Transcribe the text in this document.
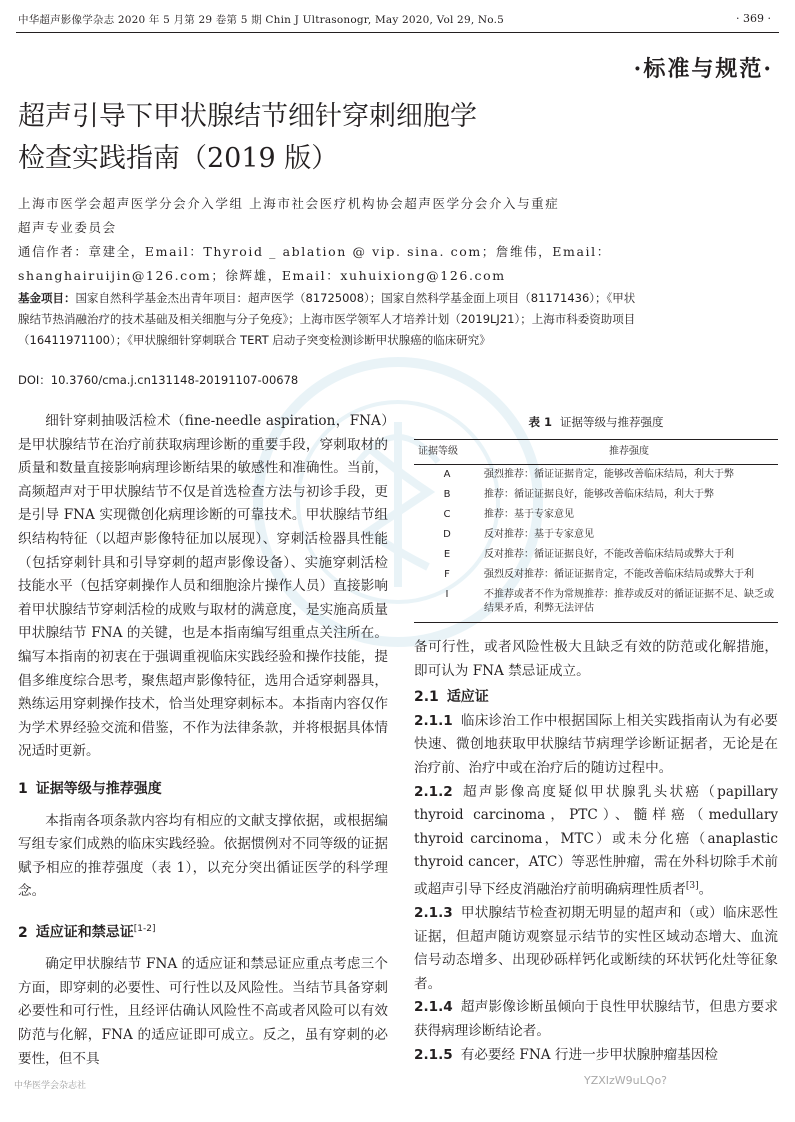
中华超声影像学杂志 2020 年 5 月第 29 卷第 5 期 Chin J Ultrasonogr, May 2020, Vol 29, No.5	· 369 ·
·标准与规范·
超声引导下甲状腺结节细针穿刺细胞学
检查实践指南（2019 版）
上海市医学会超声医学分会介入学组 上海市社会医疗机构协会超声医学分会介入与重症
超声专业委员会
通信作者：章建全，Email：Thyroid _ ablation @ vip. sina. com；詹维伟，Email：
shanghairuijin@126.com；徐辉雄，Email：xuhuixiong@126.com
基金项目：国家自然科学基金杰出青年项目：超声医学（81725008）；国家自然科学基金面上项目（81171436）；《甲状腺结节热消融治疗的技术基础及相关细胞与分子免疫》；上海市医学领军人才培养计划（2019LJ21）；上海市科委资助项目（16411971100）；《甲状腺细针穿刺联合 TERT 启动子突变检测诊断甲状腺癌的临床研究》
DOI：10.3760/cma.j.cn131148-20191107-00678

细针穿刺抽吸活检术（fine-needle aspiration，FNA）是甲状腺结节在治疗前获取病理诊断的重要手段，穿刺取材的质量和数量直接影响病理诊断结果的敏感性和准确性。当前，高频超声对于甲状腺结节不仅是首选检查方法与初诊手段，更是引导 FNA 实现微创化病理诊断的可靠技术。甲状腺结节组织结构特征（以超声影像特征加以展现）、穿刺活检器具性能（包括穿刺针具和引导穿刺的超声影像设备）、实施穿刺活检技能水平（包括穿刺操作人员和细胞涂片操作人员）直接影响着甲状腺结节穿刺活检的成败与取材的满意度，是实施高质量甲状腺结节 FNA 的关键，也是本指南编写组重点关注所在。编写本指南的初衷在于强调重视临床实践经验和操作技能，提倡多维度综合思考，聚焦超声影像特征，选用合适穿刺器具，熟练运用穿刺操作技术，恰当处理穿刺标本。本指南内容仅作为学术界经验交流和借鉴，不作为法律条款，并将根据具体情况适时更新。

1 证据等级与推荐强度

本指南各项条款内容均有相应的文献支撑依据，或根据编写组专家们成熟的临床实践经验。依据惯例对不同等级的证据赋予相应的推荐强度（表 1），以充分突出循证医学的科学理念。

2 适应证和禁忌证[1-2]

确定甲状腺结节 FNA 的适应证和禁忌证应重点考虑三个方面，即穿刺的必要性、可行性以及风险性。当结节具备穿刺必要性和可行性，且经评估确认风险性不高或者风险可以有效防范与化解，FNA 的适应证即可成立。反之，虽有穿刺的必要性，但不具

表 1 证据等级与推荐强度
证据等级	推荐强度
A	强烈推荐：循证证据肯定，能够改善临床结局，利大于弊
B	推荐：循证证据良好，能够改善临床结局，利大于弊
C	推荐：基于专家意见
D	反对推荐：基于专家意见
E	反对推荐：循证证据良好，不能改善临床结局或弊大于利
F	强烈反对推荐：循证证据肯定，不能改善临床结局或弊大于利
I	不推荐或者不作为常规推荐：推荐或反对的循证证据不足、缺乏或结果矛盾，利弊无法评估

备可行性，或者风险性极大且缺乏有效的防范或化解措施，即可认为 FNA 禁忌证成立。

2.1 适应证

2.1.1 临床诊治工作中根据国际上相关实践指南认为有必要快速、微创地获取甲状腺结节病理学诊断证据者，无论是在治疗前、治疗中或在治疗后的随访过程中。

2.1.2 超声影像高度疑似甲状腺乳头状癌（papillary thyroid carcinoma，PTC）、髓样癌（medullary thyroid carcinoma，MTC）或未分化癌（anaplastic thyroid cancer，ATC）等恶性肿瘤，需在外科切除手术前或超声引导下经皮消融治疗前明确病理性质者[3]。

2.1.3 甲状腺结节检查初期无明显的超声和（或）临床恶性证据，但超声随访观察显示结节的实性区域动态增大、血流信号动态增多、出现砂砾样钙化或断续的环状钙化灶等征象者。

2.1.4 超声影像诊断虽倾向于良性甲状腺结节，但患方要求获得病理诊断结论者。

2.1.5 有必要经 FNA 行进一步甲状腺肿瘤基因检

中华医学会杂志社	YZXIzW9uLQo?
